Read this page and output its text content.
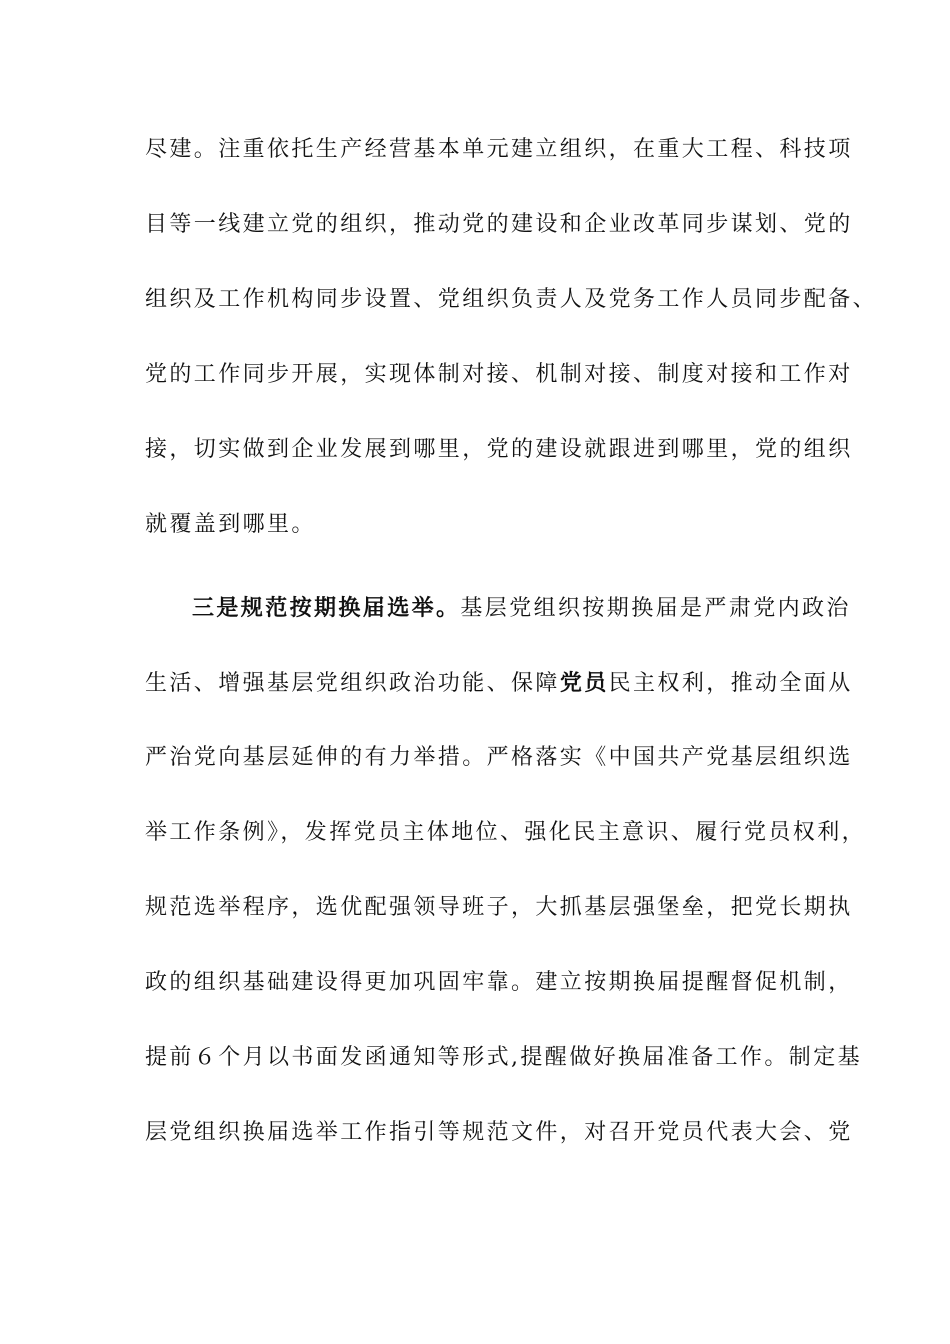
尽建。注重依托生产经营基本单元建立组织，在重大工程、科技项
目等一线建立党的组织，推动党的建设和企业改革同步谋划、党的
组织及工作机构同步设置、党组织负责人及党务工作人员同步配备、
党的工作同步开展，实现体制对接、机制对接、制度对接和工作对
接，切实做到企业发展到哪里，党的建设就跟进到哪里，党的组织
就覆盖到哪里。
三是规范按期换届选举。基层党组织按期换届是严肃党内政治
生活、增强基层党组织政治功能、保障党员民主权利，推动全面从
严治党向基层延伸的有力举措。严格落实《中国共产党基层组织选
举工作条例》，发挥党员主体地位、强化民主意识、履行党员权利，
规范选举程序，选优配强领导班子，大抓基层强堡垒，把党长期执
政的组织基础建设得更加巩固牢靠。建立按期换届提醒督促机制，
提前６个月以书面发函通知等形式,提醒做好换届准备工作。制定基
层党组织换届选举工作指引等规范文件，对召开党员代表大会、党
